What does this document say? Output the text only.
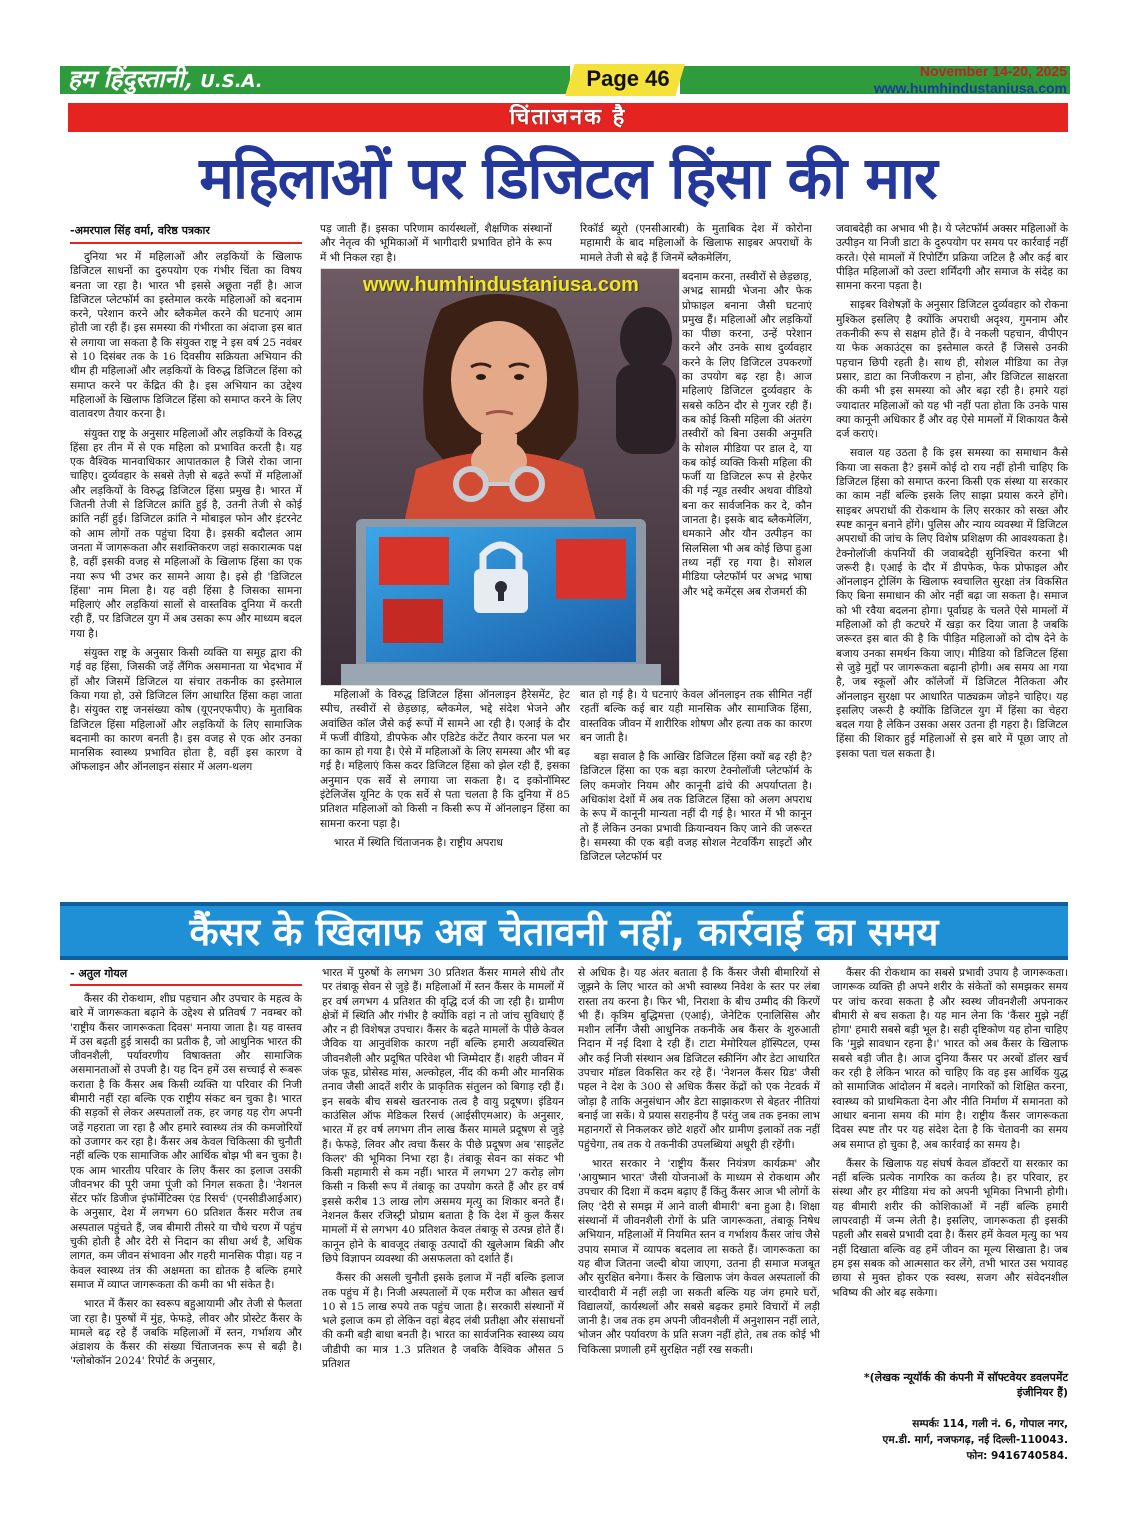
हम हिंदुस्तानी, U.S.A.	Page 46	November 14-20, 2025
www.humhindustaniusa.com
चिंताजनक है
महिलाओं पर डिजिटल हिंसा की मार
-अमरपाल सिंह वर्मा, वरिष्ठ पत्रकार

दुनिया भर में महिलाओं और लड़कियों के खिलाफ डिजिटल साधनों का दुरुपयोग एक गंभीर चिंता का विषय बनता जा रहा है। भारत भी इससे अछूता नहीं है। आज डिजिटल प्लेटफॉर्म का इस्तेमाल करके महिलाओं को बदनाम करने, परेशान करने और ब्लैकमेल करने की घटनाएं आम होती जा रही हैं। इस समस्या की गंभीरता का अंदाजा इस बात से लगाया जा सकता है कि संयुक्त राष्ट्र ने इस वर्ष 25 नवंबर से 10 दिसंबर तक के 16 दिवसीय सक्रियता अभियान की थीम ही महिलाओं और लड़कियों के विरुद्ध डिजिटल हिंसा को समाप्त करने पर केंद्रित की है। इस अभियान का उद्देश्य महिलाओं के खिलाफ डिजिटल हिंसा को समाप्त करने के लिए वातावरण तैयार करना है।

संयुक्त राष्ट्र के अनुसार महिलाओं और लड़कियों के विरुद्ध हिंसा हर तीन में से एक महिला को प्रभावित करती है। यह एक वैश्विक मानवाधिकार आपातकाल है जिसे रोका जाना चाहिए। दुर्व्यवहार के सबसे तेज़ी से बढ़ते रूपों में महिलाओं और लड़कियों के विरुद्ध डिजिटल हिंसा प्रमुख है। भारत में जितनी तेजी से डिजिटल क्रांति हुई है, उतनी तेजी से कोई क्रांति नहीं हुई। डिजिटल क्रांति ने मोबाइल फोन और इंटरनेट को आम लोगों तक पहुंचा दिया है। इसकी बदौलत आम जनता में जागरूकता और सशक्तिकरण जहां सकारात्मक पक्ष है, वहीं इसकी वजह से महिलाओं के खिलाफ हिंसा का एक नया रूप भी उभर कर सामने आया है। इसे ही 'डिजिटल हिंसा' नाम मिला है। यह वही हिंसा है जिसका सामना महिलाएं और लड़कियां सालों से वास्तविक दुनिया में करती रही हैं, पर डिजिटल युग में अब उसका रूप और माध्यम बदल गया है।

संयुक्त राष्ट्र के अनुसार किसी व्यक्ति या समूह द्वारा की गई वह हिंसा, जिसकी जड़ें लैंगिक असमानता या भेदभाव में हों और जिसमें डिजिटल या संचार तकनीक का इस्तेमाल किया गया हो, उसे डिजिटल लिंग आधारित हिंसा कहा जाता है। संयुक्त राष्ट्र जनसंख्या कोष (यूएनएफपीए) के मुताबिक डिजिटल हिंसा महिलाओं और लड़कियों के लिए सामाजिक बदनामी का कारण बनती है। इस वजह से एक ओर उनका मानसिक स्वास्थ्य प्रभावित होता है, वहीं इस कारण वे ऑफलाइन और ऑनलाइन संसार में अलग-थलग

पड़ जाती हैं। इसका परिणाम कार्यस्थलों, शैक्षणिक संस्थानों और नेतृत्व की भूमिकाओं में भागीदारी प्रभावित होने के रूप में भी निकल रहा है।

www.humhindustaniusa.com

महिलाओं के विरुद्ध डिजिटल हिंसा ऑनलाइन हैरेसमेंट, हेट स्पीच, तस्वीरों से छेड़छाड़, ब्लैकमेल, भद्दे संदेश भेजने और अवांछित कॉल जैसे कई रूपों में सामने आ रही है। एआई के दौर में फर्जी वीडियो, डीपफेक और एडिटेड कंटेंट तैयार करना पल भर का काम हो गया है। ऐसे में महिलाओं के लिए समस्या और भी बढ़ गई है। महिलाएं किस कदर डिजिटल हिंसा को झेल रही हैं, इसका अनुमान एक सर्वे से लगाया जा सकता है। द इकोनॉमिस्ट इंटेलिजेंस यूनिट के एक सर्वे से पता चलता है कि दुनिया में 85 प्रतिशत महिलाओं को किसी न किसी रूप में ऑनलाइन हिंसा का सामना करना पड़ा है।

भारत में स्थिति चिंताजनक है। राष्ट्रीय अपराध

रिकॉर्ड ब्यूरो (एनसीआरबी) के मुताबिक देश में कोरोना महामारी के बाद महिलाओं के खिलाफ साइबर अपराधों के मामले तेजी से बढ़े हैं जिनमें ब्लैकमेलिंग,

बदनाम करना, तस्वीरों से छेड़छाड़, अभद्र सामग्री भेजना और फेक प्रोफाइल बनाना जैसी घटनाएं प्रमुख हैं। महिलाओं और लड़कियों का पीछा करना, उन्हें परेशान करने और उनके साथ दुर्व्यवहार करने के लिए डिजिटल उपकरणों का उपयोग बढ़ रहा है। आज महिलाएं डिजिटल दुर्व्यवहार के सबसे कठिन दौर से गुजर रही हैं। कब कोई किसी महिला की अंतरंग तस्वीरों को बिना उसकी अनुमति के सोशल मीडिया पर डाल दे, या कब कोई व्यक्ति किसी महिला की फर्जी या डिजिटल रूप से हेरफेर की गई न्यूड तस्वीर अथवा वीडियो बना कर सार्वजनिक कर दे, कौन जानता है। इसके बाद ब्लैकमेलिंग, धमकाने और यौन उत्पीड़न का सिलसिला भी अब कोई छिपा हुआ तथ्य नहीं रह गया है। सोशल मीडिया प्लेटफॉर्म पर अभद्र भाषा और भद्दे कमेंट्स अब रोजमर्रा की

बात हो गई है। ये घटनाएं केवल ऑनलाइन तक सीमित नहीं रहतीं बल्कि कई बार यही मानसिक और सामाजिक हिंसा, वास्तविक जीवन में शारीरिक शोषण और हत्या तक का कारण बन जाती है।

बड़ा सवाल है कि आखिर डिजिटल हिंसा क्यों बढ़ रही है? डिजिटल हिंसा का एक बड़ा कारण टेक्नोलॉजी प्लेटफॉर्म के लिए कमजोर नियम और कानूनी ढांचे की अपर्याप्तता है। अधिकांश देशों में अब तक डिजिटल हिंसा को अलग अपराध के रूप में कानूनी मान्यता नहीं दी गई है। भारत में भी कानून तो हैं लेकिन उनका प्रभावी क्रियान्वयन किए जाने की जरूरत है। समस्या की एक बड़ी वजह सोशल नेटवर्किंग साइटों और डिजिटल प्लेटफॉर्म पर

जवाबदेही का अभाव भी है। ये प्लेटफॉर्म अक्सर महिलाओं के उत्पीड़न या निजी डाटा के दुरुपयोग पर समय पर कार्रवाई नहीं करते। ऐसे मामलों में रिपोर्टिंग प्रक्रिया जटिल है और कई बार पीड़ित महिलाओं को उल्टा शर्मिंदगी और समाज के संदेह का सामना करना पड़ता है।

साइबर विशेषज्ञों के अनुसार डिजिटल दुर्व्यवहार को रोकना मुश्किल इसलिए है क्योंकि अपराधी अदृश्य, गुमनाम और तकनीकी रूप से सक्षम होते हैं। वे नकली पहचान, वीपीएन या फेक अकाउंट्स का इस्तेमाल करते हैं जिससे उनकी पहचान छिपी रहती है। साथ ही, सोशल मीडिया का तेज़ प्रसार, डाटा का निजीकरण न होना, और डिजिटल साक्षरता की कमी भी इस समस्या को और बढ़ा रही है। हमारे यहां ज्यादातर महिलाओं को यह भी नहीं पता होता कि उनके पास क्या कानूनी अधिकार हैं और वह ऐसे मामलों में शिकायत कैसे दर्ज कराएं।

सवाल यह उठता है कि इस समस्या का समाधान कैसे किया जा सकता है? इसमें कोई दो राय नहीं होनी चाहिए कि डिजिटल हिंसा को समाप्त करना किसी एक संस्था या सरकार का काम नहीं बल्कि इसके लिए साझा प्रयास करने होंगे। साइबर अपराधों की रोकथाम के लिए सरकार को सख्त और स्पष्ट कानून बनाने होंगे। पुलिस और न्याय व्यवस्था में डिजिटल अपराधों की जांच के लिए विशेष प्रशिक्षण की आवश्यकता है। टेक्नोलॉजी कंपनियों की जवाबदेही सुनिश्चित करना भी जरूरी है। एआई के दौर में डीपफेक, फेक प्रोफाइल और ऑनलाइन ट्रोलिंग के खिलाफ स्वचालित सुरक्षा तंत्र विकसित किए बिना समाधान की ओर नहीं बढ़ा जा सकता है। समाज को भी रवैया बदलना होगा। पूर्वाग्रह के चलते ऐसे मामलों में महिलाओं को ही कटघरे में खड़ा कर दिया जाता है जबकि जरूरत इस बात की है कि पीड़ित महिलाओं को दोष देने के बजाय उनका समर्थन किया जाए। मीडिया को डिजिटल हिंसा से जुड़े मुद्दों पर जागरूकता बढ़ानी होगी। अब समय आ गया है, जब स्कूलों और कॉलेजों में डिजिटल नैतिकता और ऑनलाइन सुरक्षा पर आधारित पाठ्यक्रम जोड़ने चाहिए। यह इसलिए जरूरी है क्योंकि डिजिटल युग में हिंसा का चेहरा बदल गया है लेकिन उसका असर उतना ही गहरा है। डिजिटल हिंसा की शिकार हुई महिलाओं से इस बारे में पूछा जाए तो इसका पता चल सकता है।

कैंसर के खिलाफ अब चेतावनी नहीं, कार्रवाई का समय
- अतुल गोयल

कैंसर की रोकथाम, शीघ्र पहचान और उपचार के महत्व के बारे में जागरूकता बढ़ाने के उद्देश्य से प्रतिवर्ष 7 नवम्बर को 'राष्ट्रीय कैंसर जागरूकता दिवस' मनाया जाता है। यह वास्तव में उस बढ़ती हुई त्रासदी का प्रतीक है, जो आधुनिक भारत की जीवनशैली, पर्यावरणीय विषाक्तता और सामाजिक असमानताओं से उपजी है। यह दिन हमें उस सच्चाई से रूबरू कराता है कि कैंसर अब किसी व्यक्ति या परिवार की निजी बीमारी नहीं रहा बल्कि एक राष्ट्रीय संकट बन चुका है। भारत की सड़कों से लेकर अस्पतालों तक, हर जगह यह रोग अपनी जड़ें गहराता जा रहा है और हमारे स्वास्थ्य तंत्र की कमजोरियों को उजागर कर रहा है। कैंसर अब केवल चिकित्सा की चुनौती नहीं बल्कि एक सामाजिक और आर्थिक बोझ भी बन चुका है। एक आम भारतीय परिवार के लिए कैंसर का इलाज उसकी जीवनभर की पूरी जमा पूंजी को निगल सकता है। 'नेशनल सेंटर फॉर डिजीज इंफॉर्मेटिक्स एंड रिसर्च' (एनसीडीआईआर) के अनुसार, देश में लगभग 60 प्रतिशत कैंसर मरीज तब अस्पताल पहुंचते हैं, जब बीमारी तीसरे या चौथे चरण में पहुंच चुकी होती है और देरी से निदान का सीधा अर्थ है, अधिक लागत, कम जीवन संभावना और गहरी मानसिक पीड़ा। यह न केवल स्वास्थ्य तंत्र की अक्षमता का द्योतक है बल्कि हमारे समाज में व्याप्त जागरूकता की कमी का भी संकेत है।

भारत में कैंसर का स्वरूप बहुआयामी और तेजी से फैलता जा रहा है। पुरुषों में मुंह, फेफड़े, लीवर और प्रोस्टेट कैंसर के मामले बढ़ रहे हैं जबकि महिलाओं में स्तन, गर्भाशय और अंडाशय के कैंसर की संख्या चिंताजनक रूप से बढ़ी है। 'ग्लोबोकॉन 2024' रिपोर्ट के अनुसार,

भारत में पुरुषों के लगभग 30 प्रतिशत कैंसर मामले सीधे तौर पर तंबाकू सेवन से जुड़े हैं। महिलाओं में स्तन कैंसर के मामलों में हर वर्ष लगभग 4 प्रतिशत की वृद्धि दर्ज की जा रही है। ग्रामीण क्षेत्रों में स्थिति और गंभीर है क्योंकि वहां न तो जांच सुविधाएं हैं और न ही विशेषज्ञ उपचार। कैंसर के बढ़ते मामलों के पीछे केवल जैविक या आनुवंशिक कारण नहीं बल्कि हमारी अव्यवस्थित जीवनशैली और प्रदूषित परिवेश भी जिम्मेदार हैं। शहरी जीवन में जंक फूड, प्रोसेस्ड मांस, अल्कोहल, नींद की कमी और मानसिक तनाव जैसी आदतें शरीर के प्राकृतिक संतुलन को बिगाड़ रही हैं। इन सबके बीच सबसे खतरनाक तत्व है वायु प्रदूषण। इंडियन काउंसिल ऑफ मेडिकल रिसर्च (आईसीएमआर) के अनुसार, भारत में हर वर्ष लगभग तीन लाख कैंसर मामले प्रदूषण से जुड़े हैं। फेफड़े, लिवर और त्वचा कैंसर के पीछे प्रदूषण अब 'साइलेंट किलर' की भूमिका निभा रहा है। तंबाकू सेवन का संकट भी किसी महामारी से कम नहीं। भारत में लगभग 27 करोड़ लोग किसी न किसी रूप में तंबाकू का उपयोग करते हैं और हर वर्ष इससे करीब 13 लाख लोग असमय मृत्यु का शिकार बनते हैं। नेशनल कैंसर रजिस्ट्री प्रोग्राम बताता है कि देश में कुल कैंसर मामलों में से लगभग 40 प्रतिशत केवल तंबाकू से उत्पन्न होते हैं। कानून होने के बावजूद तंबाकू उत्पादों की खुलेआम बिक्री और छिपे विज्ञापन व्यवस्था की असफलता को दर्शाते हैं।

कैंसर की असली चुनौती इसके इलाज में नहीं बल्कि इलाज तक पहुंच में है। निजी अस्पतालों में एक मरीज का औसत खर्च 10 से 15 लाख रुपये तक पहुंच जाता है। सरकारी संस्थानों में भले इलाज कम हो लेकिन वहां बेहद लंबी प्रतीक्षा और संसाधनों की कमी बड़ी बाधा बनती है। भारत का सार्वजनिक स्वास्थ्य व्यय जीडीपी का मात्र 1.3 प्रतिशत है जबकि वैश्विक औसत 5 प्रतिशत

से अधिक है। यह अंतर बताता है कि कैंसर जैसी बीमारियों से जूझने के लिए भारत को अभी स्वास्थ्य निवेश के स्तर पर लंबा रास्ता तय करना है। फिर भी, निराशा के बीच उम्मीद की किरणें भी हैं। कृत्रिम बुद्धिमत्ता (एआई), जेनेटिक एनालिसिस और मशीन लर्निंग जैसी आधुनिक तकनीकें अब कैंसर के शुरुआती निदान में नई दिशा दे रही हैं। टाटा मेमोरियल हॉस्पिटल, एम्स और कई निजी संस्थान अब डिजिटल स्क्रीनिंग और डेटा आधारित उपचार मॉडल विकसित कर रहे हैं। 'नेशनल कैंसर ग्रिड' जैसी पहल ने देश के 300 से अधिक कैंसर केंद्रों को एक नेटवर्क में जोड़ा है ताकि अनुसंधान और डेटा साझाकरण से बेहतर नीतियां बनाई जा सकें। ये प्रयास सराहनीय हैं परंतु जब तक इनका लाभ महानगरों से निकलकर छोटे शहरों और ग्रामीण इलाकों तक नहीं पहुंचेगा, तब तक ये तकनीकी उपलब्धियां अधूरी ही रहेंगी।

भारत सरकार ने 'राष्ट्रीय कैंसर नियंत्रण कार्यक्रम' और 'आयुष्मान भारत' जैसी योजनाओं के माध्यम से रोकथाम और उपचार की दिशा में कदम बढ़ाए हैं किंतु कैंसर आज भी लोगों के लिए 'देरी से समझ में आने वाली बीमारी' बना हुआ है। शिक्षा संस्थानों में जीवनशैली रोगों के प्रति जागरूकता, तंबाकू निषेध अभियान, महिलाओं में नियमित स्तन व गर्भाशय कैंसर जांच जैसे उपाय समाज में व्यापक बदलाव ला सकते हैं। जागरूकता का यह बीज जितना जल्दी बोया जाएगा, उतना ही समाज मजबूत और सुरक्षित बनेगा। कैंसर के खिलाफ जंग केवल अस्पतालों की चारदीवारी में नहीं लड़ी जा सकती बल्कि यह जंग हमारे घरों, विद्यालयों, कार्यस्थलों और सबसे बढ़कर हमारे विचारों में लड़ी जानी है। जब तक हम अपनी जीवनशैली में अनुशासन नहीं लाते, भोजन और पर्यावरण के प्रति सजग नहीं होते, तब तक कोई भी चिकित्सा प्रणाली हमें सुरक्षित नहीं रख सकती।

कैंसर की रोकथाम का सबसे प्रभावी उपाय है जागरूकता। जागरूक व्यक्ति ही अपने शरीर के संकेतों को समझकर समय पर जांच करवा सकता है और स्वस्थ जीवनशैली अपनाकर बीमारी से बच सकता है। यह मान लेना कि 'कैंसर मुझे नहीं होगा' हमारी सबसे बड़ी भूल है। सही दृष्टिकोण यह होना चाहिए कि 'मुझे सावधान रहना है।' भारत को अब कैंसर के खिलाफ सबसे बड़ी जीत है। आज दुनिया कैंसर पर अरबों डॉलर खर्च कर रही है लेकिन भारत को चाहिए कि वह इस आर्थिक युद्ध को सामाजिक आंदोलन में बदले। नागरिकों को शिक्षित करना, स्वास्थ्य को प्राथमिकता देना और नीति निर्माण में समानता को आधार बनाना समय की मांग है। राष्ट्रीय कैंसर जागरूकता दिवस स्पष्ट तौर पर यह संदेश देता है कि चेतावनी का समय अब समाप्त हो चुका है, अब कार्रवाई का समय है।

कैंसर के खिलाफ यह संघर्ष केवल डॉक्टरों या सरकार का नहीं बल्कि प्रत्येक नागरिक का कर्तव्य है। हर परिवार, हर संस्था और हर मीडिया मंच को अपनी भूमिका निभानी होगी। यह बीमारी शरीर की कोशिकाओं में नहीं बल्कि हमारी लापरवाही में जन्म लेती है। इसलिए, जागरूकता ही इसकी पहली और सबसे प्रभावी दवा है। कैंसर हमें केवल मृत्यु का भय नहीं दिखाता बल्कि वह हमें जीवन का मूल्य सिखाता है। जब हम इस सबक को आत्मसात कर लेंगे, तभी भारत उस भयावह छाया से मुक्त होकर एक स्वस्थ, सजग और संवेदनशील भविष्य की ओर बढ़ सकेगा।

*(लेखक न्यूयॉर्क की कंपनी में सॉफ्टवेयर डवलपमेंट इंजीनियर हैं)
सम्पर्कः 114, गली नं. 6, गोपाल नगर,
एम.डी. मार्ग, नजफगढ़, नई दिल्ली-110043.
फोन: 9416740584.
